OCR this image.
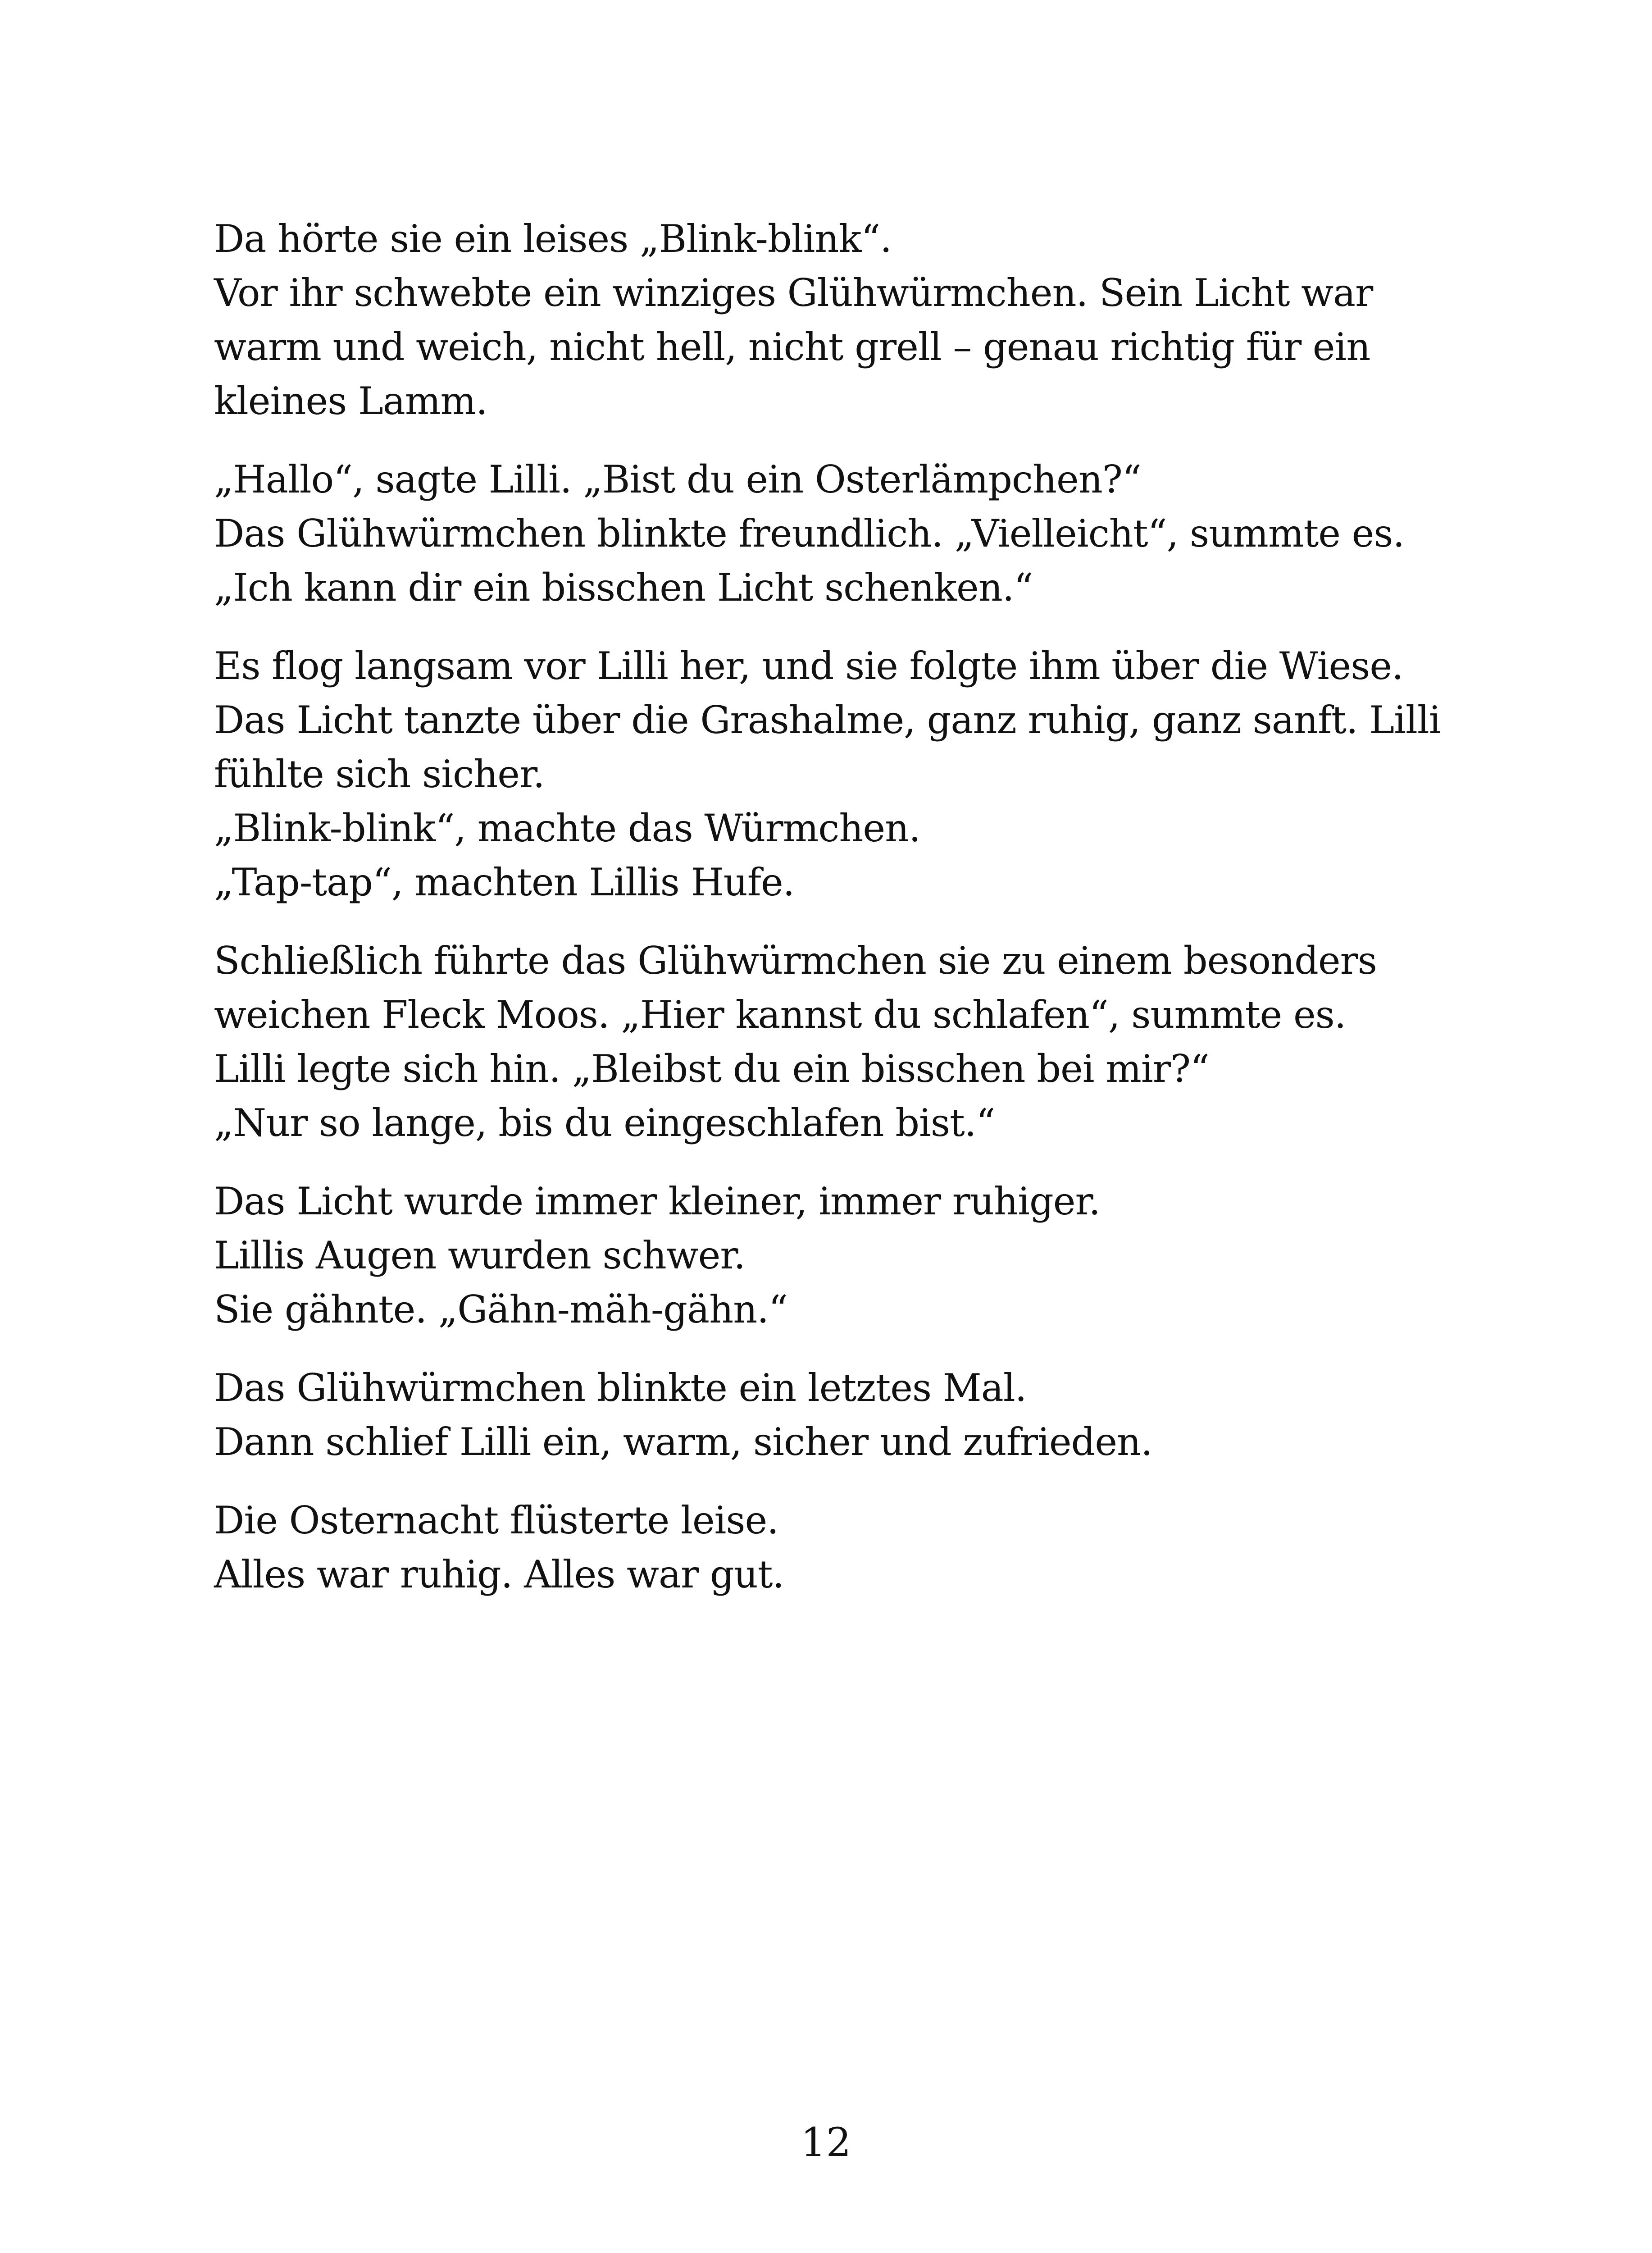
Da hörte sie ein leises „Blink-blink“.
Vor ihr schwebte ein winziges Glühwürmchen. Sein Licht war
warm und weich, nicht hell, nicht grell – genau richtig für ein
kleines Lamm.

„Hallo“, sagte Lilli. „Bist du ein Osterlämpchen?“
Das Glühwürmchen blinkte freundlich. „Vielleicht“, summte es.
„Ich kann dir ein bisschen Licht schenken.“

Es flog langsam vor Lilli her, und sie folgte ihm über die Wiese.
Das Licht tanzte über die Grashalme, ganz ruhig, ganz sanft. Lilli
fühlte sich sicher.
„Blink-blink“, machte das Würmchen.
„Tap-tap“, machten Lillis Hufe.

Schließlich führte das Glühwürmchen sie zu einem besonders
weichen Fleck Moos. „Hier kannst du schlafen“, summte es.
Lilli legte sich hin. „Bleibst du ein bisschen bei mir?“
„Nur so lange, bis du eingeschlafen bist.“

Das Licht wurde immer kleiner, immer ruhiger.
Lillis Augen wurden schwer.
Sie gähnte. „Gähn-mäh-gähn.“

Das Glühwürmchen blinkte ein letztes Mal.
Dann schlief Lilli ein, warm, sicher und zufrieden.

Die Osternacht flüsterte leise.
Alles war ruhig. Alles war gut.

12
